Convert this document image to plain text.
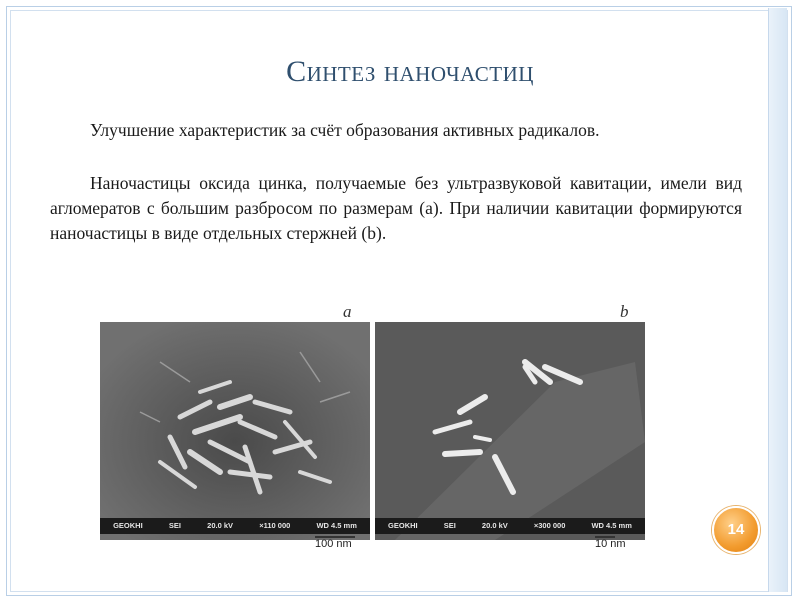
Синтез наночастиц
Улучшение характеристик за счёт образования активных радикалов.
Наночастицы оксида цинка, получаемые без ультразвуковой кавитации, имели вид агломератов с большим разбросом по размерам (a). При наличии кавитации формируются наночастицы в виде отдельных стержней (b).
a
GEOKHI	SEI	20.0 kV	×110 000	WD 4.5 mm
100 nm
b
GEOKHI	SEI	20.0 kV	×300 000	WD 4.5 mm
10 nm
14
